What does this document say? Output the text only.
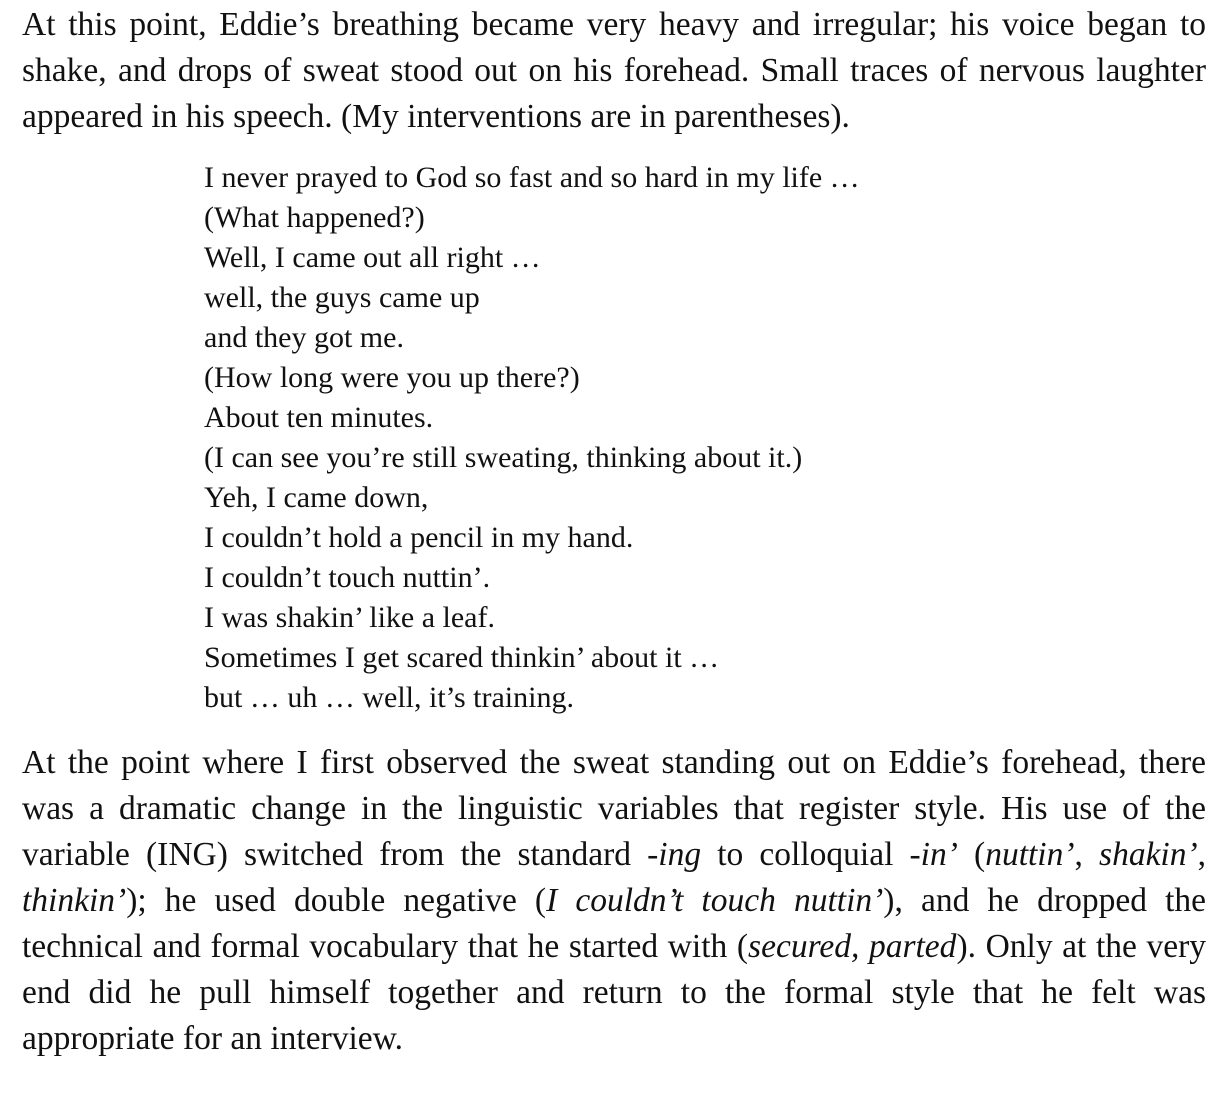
At this point, Eddie’s breathing became very heavy and irregular; his voice began to shake, and drops of sweat stood out on his forehead. Small traces of nervous laughter appeared in his speech. (My interventions are in parentheses).

I never prayed to God so fast and so hard in my life …
(What happened?)
Well, I came out all right …
well, the guys came up
and they got me.
(How long were you up there?)
About ten minutes.
(I can see you’re still sweating, thinking about it.)
Yeh, I came down,
I couldn’t hold a pencil in my hand.
I couldn’t touch nuttin’.
I was shakin’ like a leaf.
Sometimes I get scared thinkin’ about it …
but … uh … well, it’s training.

At the point where I first observed the sweat standing out on Eddie’s forehead, there was a dramatic change in the linguistic variables that register style. His use of the variable (ING) switched from the standard -ing to colloquial -in’ (nuttin’, shakin’, thinkin’); he used double negative (I couldn’t touch nuttin’), and he dropped the technical and formal vocabulary that he started with (secured, parted). Only at the very end did he pull himself together and return to the formal style that he felt was appropriate for an interview.
